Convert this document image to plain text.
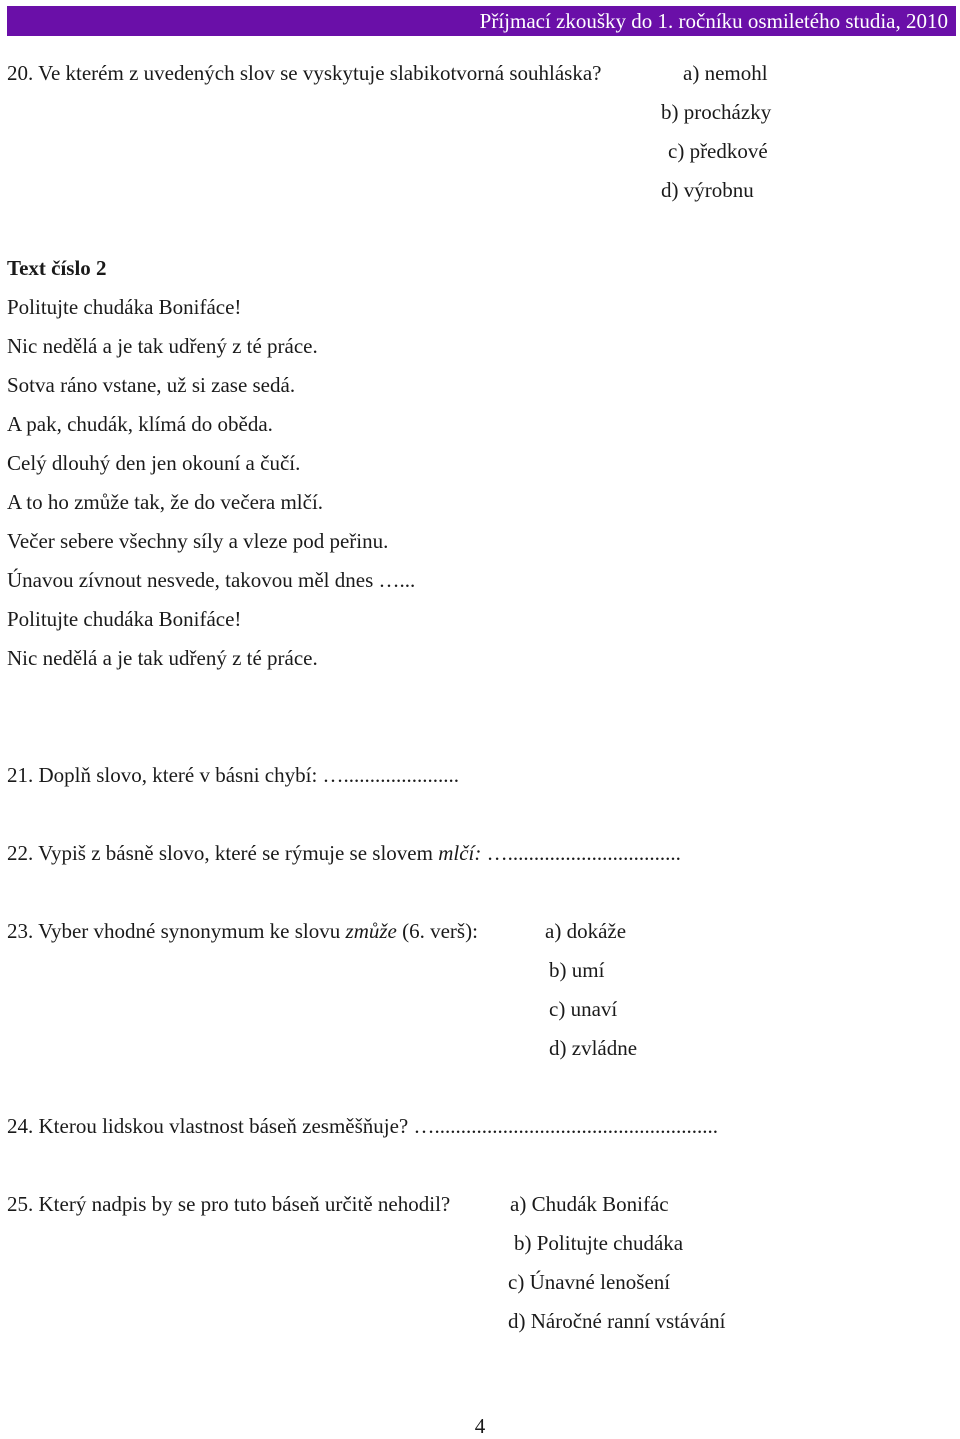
Příjmací zkoušky do 1. ročníku osmiletého studia, 2010
20. Ve kterém z uvedených slov se vyskytuje slabikotvorná souhláska?	a) nemohl
b) procházky
c) předkové
d) výrobnu
Text číslo 2
Politujte chudáka Bonifáce!
Nic nedělá a je tak udřený z té práce.
Sotva ráno vstane, už si zase sedá.
A pak, chudák, klímá do oběda.
Celý dlouhý den jen okouní a čučí.
A to ho zmůže tak, že do večera mlčí.
Večer sebere všechny síly a vleze pod peřinu.
Únavou zívnout nesvede, takovou měl dnes …...
Politujte chudáka Bonifáce!
Nic nedělá a je tak udřený z té práce.
21. Doplň slovo, které v básni chybí: …......................
22. Vypiš z básně slovo, které se rýmuje se slovem mlčí: ….................................
23. Vyber vhodné synonymum ke slovu zmůže (6. verš):	a) dokáže
b) umí
c) unaví
d) zvládne
24. Kterou lidskou vlastnost báseň zesměšňuje? …......................................................
25. Který nadpis by se pro tuto báseň určitě nehodil?	a) Chudák Bonifác
b) Politujte chudáka
c) Únavné lenošení
d) Náročné ranní vstávání
4
